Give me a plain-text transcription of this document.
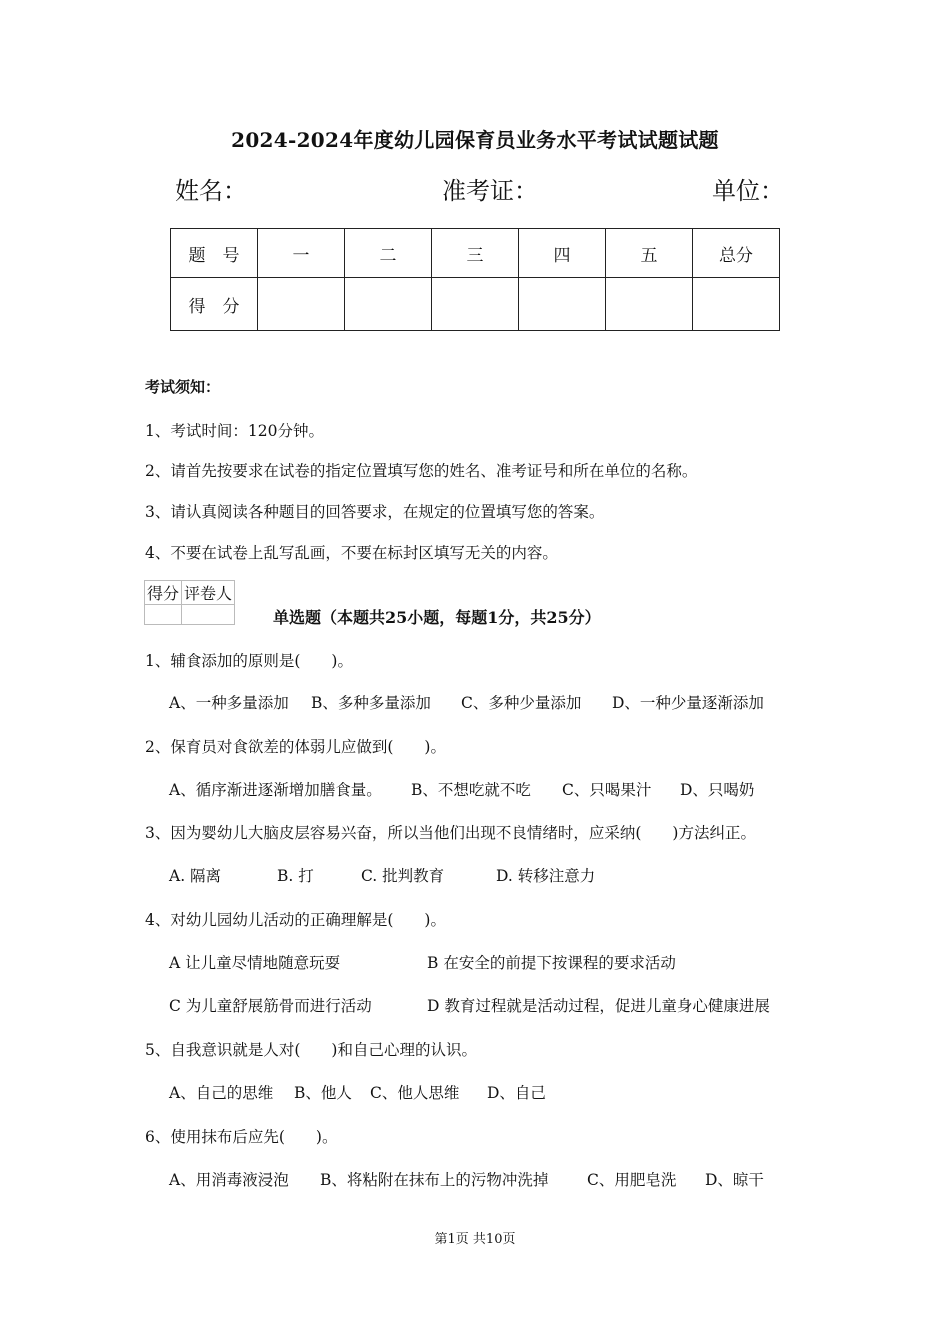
2024-2024年度幼儿园保育员业务水平考试试题试题
姓名：	准考证：	单位：
题　号	一	二	三	四	五	总分
得　分						
考试须知：
1、考试时间：120分钟。
2、请首先按要求在试卷的指定位置填写您的姓名、准考证号和所在单位的名称。
3、请认真阅读各种题目的回答要求，在规定的位置填写您的答案。
4、不要在试卷上乱写乱画，不要在标封区填写无关的内容。
得分	评卷人

单选题（本题共25小题，每题1分，共25分）
1、辅食添加的原则是(　　)。
A、一种多量添加 B、多种多量添加 C、多种少量添加 D、一种少量逐渐添加
2、保育员对食欲差的体弱儿应做到(　　)。
A、循序渐进逐渐增加膳食量。 B、不想吃就不吃 C、只喝果汁 D、只喝奶
3、因为婴幼儿大脑皮层容易兴奋，所以当他们出现不良情绪时，应采纳(　　)方法纠正。
A. 隔离	B. 打	C. 批判教育	D. 转移注意力
4、对幼儿园幼儿活动的正确理解是(　　)。
A 让儿童尽情地随意玩耍	B 在安全的前提下按课程的要求活动
C 为儿童舒展筋骨而进行活动	D 教育过程就是活动过程，促进儿童身心健康进展
5、自我意识就是人对(　　)和自己心理的认识。
A、自己的思维 B、他人 C、他人思维 D、自己
6、使用抹布后应先(　　)。
A、用消毒液浸泡 B、将粘附在抹布上的污物冲洗掉 C、用肥皂洗 D、晾干
第1页 共10页
